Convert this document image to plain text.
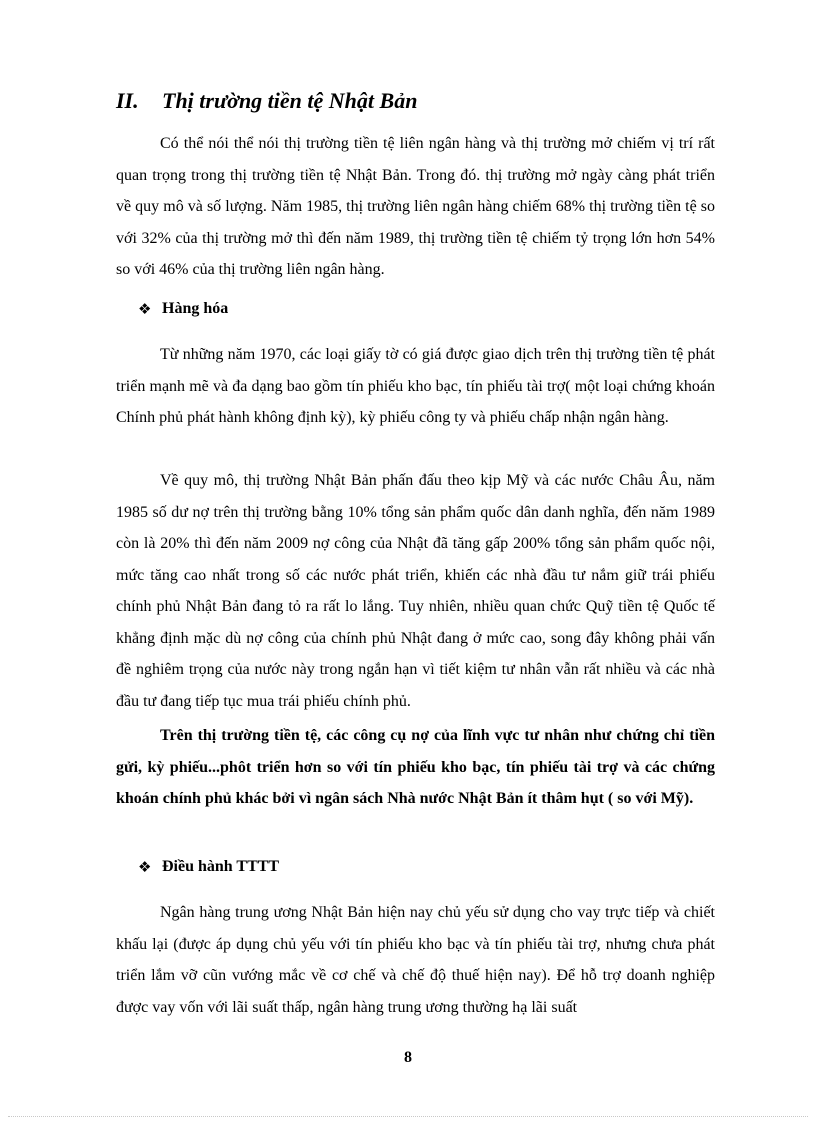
II. Thị trường tiền tệ Nhật Bản

Có thể nói thể nói thị trường tiền tệ liên ngân hàng và thị trường mở chiếm vị trí rất quan trọng trong thị trường tiền tệ Nhật Bản. Trong đó. thị trường mở ngày càng phát triển về quy mô và số lượng. Năm 1985, thị trường liên ngân hàng chiếm 68% thị trường tiền tệ so với 32% của thị trường mở thì đến năm 1989, thị trường tiền tệ chiếm tỷ trọng lớn hơn 54% so với 46% của thị trường liên ngân hàng.

❖ Hàng hóa

Từ những năm 1970, các loại giấy tờ có giá được giao dịch trên thị trường tiền tệ phát triển mạnh mẽ và đa dạng bao gồm tín phiếu kho bạc, tín phiếu tài trợ( một loại chứng khoán Chính phủ phát hành không định kỳ), kỳ phiếu công ty và phiếu chấp nhận ngân hàng.

Về quy mô, thị trường Nhật Bản phấn đấu theo kịp Mỹ và các nước Châu Âu, năm 1985 số dư nợ trên thị trường bằng 10% tổng sản phẩm quốc dân danh nghĩa, đến năm 1989 còn là 20% thì đến năm 2009 nợ công của Nhật đã tăng gấp 200% tổng sản phẩm quốc nội, mức tăng cao nhất trong số các nước phát triển, khiến các nhà đầu tư nắm giữ trái phiếu chính phủ Nhật Bản đang tỏ ra rất lo lắng. Tuy nhiên, nhiều quan chức Quỹ tiền tệ Quốc tế khẳng định mặc dù nợ công của chính phủ Nhật đang ở mức cao, song đây không phải vấn đề nghiêm trọng của nước này trong ngắn hạn vì tiết kiệm tư nhân vẫn rất nhiều và các nhà đầu tư đang tiếp tục mua trái phiếu chính phủ.

Trên thị trường tiền tệ, các công cụ nợ của lĩnh vực tư nhân như chứng chỉ tiền gửi, kỳ phiếu...phôt triển hơn so với tín phiếu kho bạc, tín phiếu tài trợ và các chứng khoán chính phủ khác bởi vì ngân sách Nhà nước Nhật Bản ít thâm hụt ( so với Mỹ).

❖ Điều hành TTTT

Ngân hàng trung ương Nhật Bản hiện nay chủ yếu sử dụng cho vay trực tiếp và chiết khấu lại (được áp dụng chủ yếu với tín phiếu kho bạc và tín phiếu tài trợ, nhưng chưa phát triển lắm vỡ cũn vướng mắc về cơ chế và chế độ thuế hiện nay). Để hỗ trợ doanh nghiệp được vay vốn với lãi suất thấp, ngân hàng trung ương thường hạ lãi suất

8
